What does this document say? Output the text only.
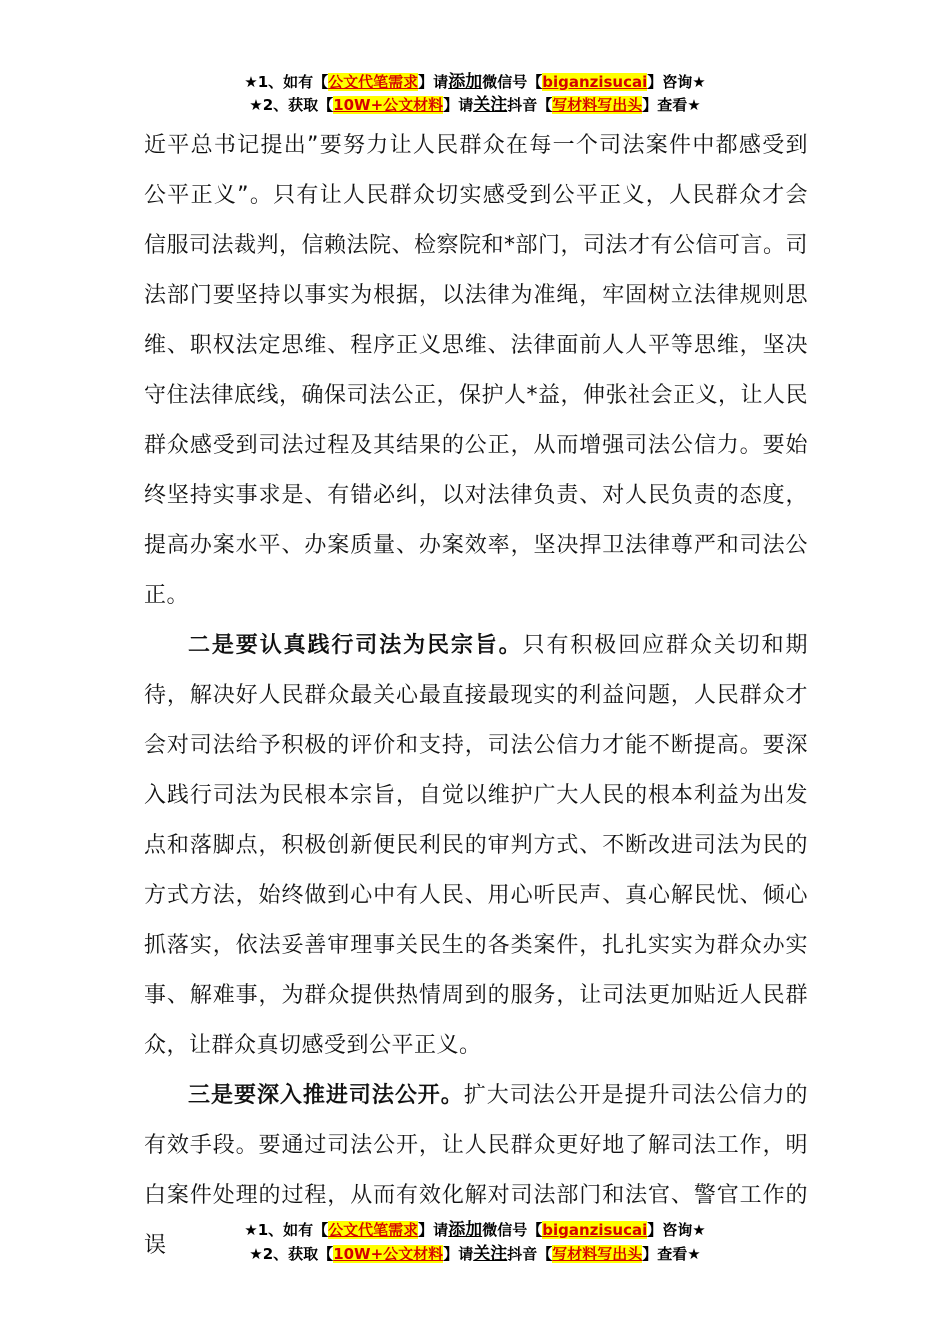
★1、如有【公文代笔需求】请添加微信号【biganzisucai】咨询★
★2、获取【10W+公文材料】请关注抖音【写材料写出头】查看★

近平总书记提出”要努力让人民群众在每一个司法案件中都感受到公平正义”。只有让人民群众切实感受到公平正义，人民群众才会信服司法裁判，信赖法院、检察院和*部门，司法才有公信可言。司法部门要坚持以事实为根据，以法律为准绳，牢固树立法律规则思维、职权法定思维、程序正义思维、法律面前人人平等思维，坚决守住法律底线，确保司法公正，保护人*益，伸张社会正义，让人民群众感受到司法过程及其结果的公正，从而增强司法公信力。要始终坚持实事求是、有错必纠，以对法律负责、对人民负责的态度，提高办案水平、办案质量、办案效率，坚决捍卫法律尊严和司法公正。

二是要认真践行司法为民宗旨。只有积极回应群众关切和期待，解决好人民群众最关心最直接最现实的利益问题，人民群众才会对司法给予积极的评价和支持，司法公信力才能不断提高。要深入践行司法为民根本宗旨，自觉以维护广大人民的根本利益为出发点和落脚点，积极创新便民利民的审判方式、不断改进司法为民的方式方法，始终做到心中有人民、用心听民声、真心解民忧、倾心抓落实，依法妥善审理事关民生的各类案件，扎扎实实为群众办实事、解难事，为群众提供热情周到的服务，让司法更加贴近人民群众，让群众真切感受到公平正义。

三是要深入推进司法公开。扩大司法公开是提升司法公信力的有效手段。要通过司法公开，让人民群众更好地了解司法工作，明白案件处理的过程，从而有效化解对司法部门和法官、警官工作的误

★1、如有【公文代笔需求】请添加微信号【biganzisucai】咨询★
★2、获取【10W+公文材料】请关注抖音【写材料写出头】查看★
